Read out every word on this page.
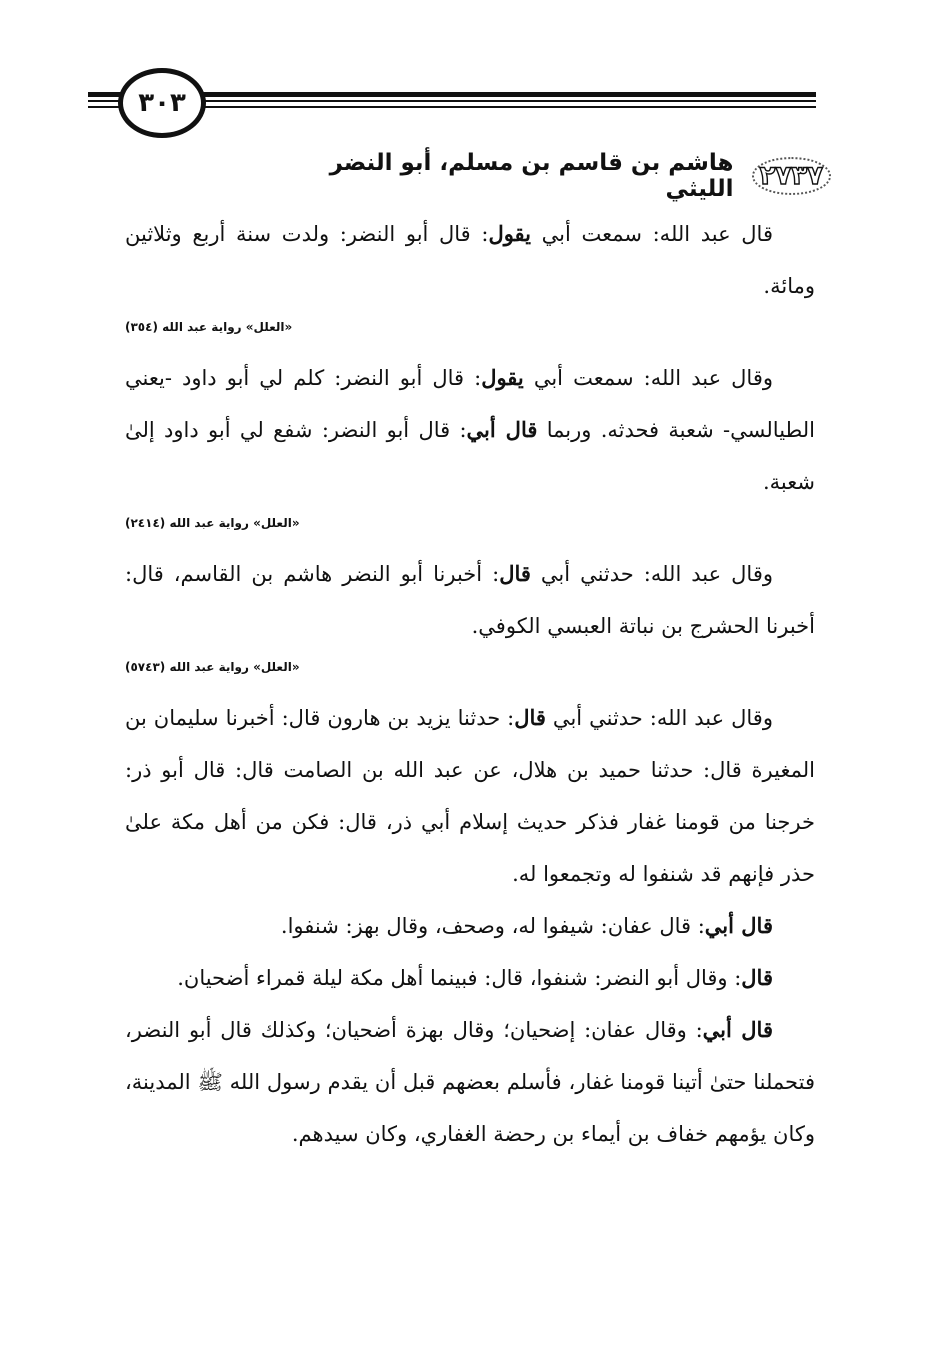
٣٠٣
٢٧٣٧
هاشم بن قاسم بن مسلم، أبو النضر الليثي

قال عبد الله: سمعت أبي يقول: قال أبو النضر: ولدت سنة أربع وثلاثين ومائة.

«العلل» رواية عبد الله (٣٥٤)

وقال عبد الله: سمعت أبي يقول: قال أبو النضر: كلم لي أبو داود -يعني الطيالسي- شعبة فحدثه. وربما قال أبي: قال أبو النضر: شفع لي أبو داود إلىٰ شعبة.

«العلل» رواية عبد الله (٢٤١٤)

وقال عبد الله: حدثني أبي قال: أخبرنا أبو النضر هاشم بن القاسم، قال: أخبرنا الحشرج بن نباتة العبسي الكوفي.

«العلل» رواية عبد الله (٥٧٤٣)

وقال عبد الله: حدثني أبي قال: حدثنا يزيد بن هارون قال: أخبرنا سليمان بن المغيرة قال: حدثنا حميد بن هلال، عن عبد الله بن الصامت قال: قال أبو ذر: خرجنا من قومنا غفار فذكر حديث إسلام أبي ذر، قال: فكن من أهل مكة علىٰ حذر فإنهم قد شنفوا له وتجمعوا له.

قال أبي: قال عفان: شيفوا له، وصحف، وقال بهز: شنفوا.

قال: وقال أبو النضر: شنفوا، قال: فبينما أهل مكة ليلة قمراء أضحيان.

قال أبي: وقال عفان: إضحيان؛ وقال بهزة أضحيان؛ وكذلك قال أبو النضر، فتحملنا حتىٰ أتينا قومنا غفار، فأسلم بعضهم قبل أن يقدم رسول الله ﷺ المدينة، وكان يؤمهم خفاف بن أيماء بن رحضة الغفاري، وكان سيدهم.
